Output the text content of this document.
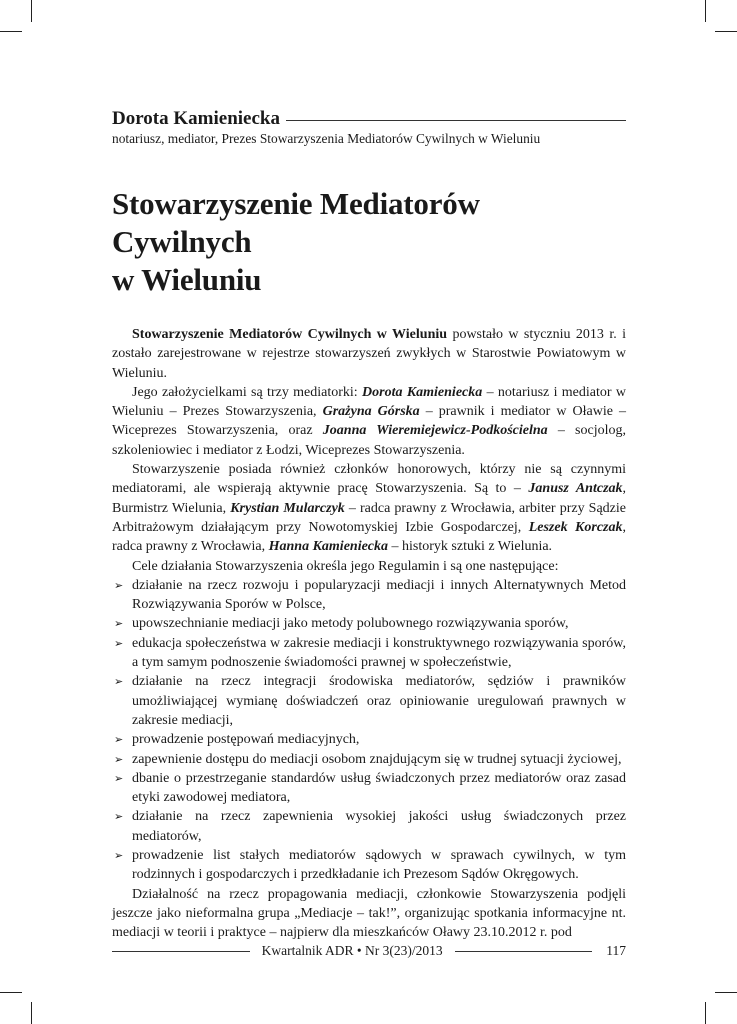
Dorota Kamieniecka
notariusz, mediator, Prezes Stowarzyszenia Mediatorów Cywilnych w Wieluniu
Stowarzyszenie Mediatorów Cywilnych
w Wieluniu

Stowarzyszenie Mediatorów Cywilnych w Wieluniu powstało w styczniu 2013 r. i zostało zarejestrowane w rejestrze stowarzyszeń zwykłych w Starostwie Powiatowym w Wieluniu.

Jego założycielkami są trzy mediatorki: Dorota Kamieniecka – notariusz i mediator w Wieluniu – Prezes Stowarzyszenia, Grażyna Górska – prawnik i mediator w Oławie – Wiceprezes Stowarzyszenia, oraz Joanna Wieremiejewicz-Podkościelna – socjolog, szkoleniowiec i mediator z Łodzi, Wiceprezes Stowarzyszenia.

Stowarzyszenie posiada również członków honorowych, którzy nie są czynnymi mediatorami, ale wspierają aktywnie pracę Stowarzyszenia. Są to – Janusz Antczak, Burmistrz Wielunia, Krystian Mularczyk – radca prawny z Wrocławia, arbiter przy Sądzie Arbitrażowym działającym przy Nowotomyskiej Izbie Gospodarczej, Leszek Korczak, radca prawny z Wrocławia, Hanna Kamieniecka – historyk sztuki z Wielunia.

Cele działania Stowarzyszenia określa jego Regulamin i są one następujące:

➢ działanie na rzecz rozwoju i popularyzacji mediacji i innych Alternatywnych Metod Rozwiązywania Sporów w Polsce,
➢ upowszechnianie mediacji jako metody polubownego rozwiązywania sporów,
➢ edukacja społeczeństwa w zakresie mediacji i konstruktywnego rozwiązywania sporów, a tym samym podnoszenie świadomości prawnej w społeczeństwie,
➢ działanie na rzecz integracji środowiska mediatorów, sędziów i prawników umożliwiającej wymianę doświadczeń oraz opiniowanie uregulowań prawnych w zakresie mediacji,
➢ prowadzenie postępowań mediacyjnych,
➢ zapewnienie dostępu do mediacji osobom znajdującym się w trudnej sytuacji życiowej,
➢ dbanie o przestrzeganie standardów usług świadczonych przez mediatorów oraz zasad etyki zawodowej mediatora,
➢ działanie na rzecz zapewnienia wysokiej jakości usług świadczonych przez mediatorów,
➢ prowadzenie list stałych mediatorów sądowych w sprawach cywilnych, w tym rodzinnych i gospodarczych i przedkładanie ich Prezesom Sądów Okręgowych.

Działalność na rzecz propagowania mediacji, członkowie Stowarzyszenia podjęli jeszcze jako nieformalna grupa „Mediacje – tak!”, organizując spotkania informacyjne nt. mediacji w teorii i praktyce – najpierw dla mieszkańców Oławy 23.10.2012 r. pod

Kwartalnik ADR • Nr 3(23)/2013	117
